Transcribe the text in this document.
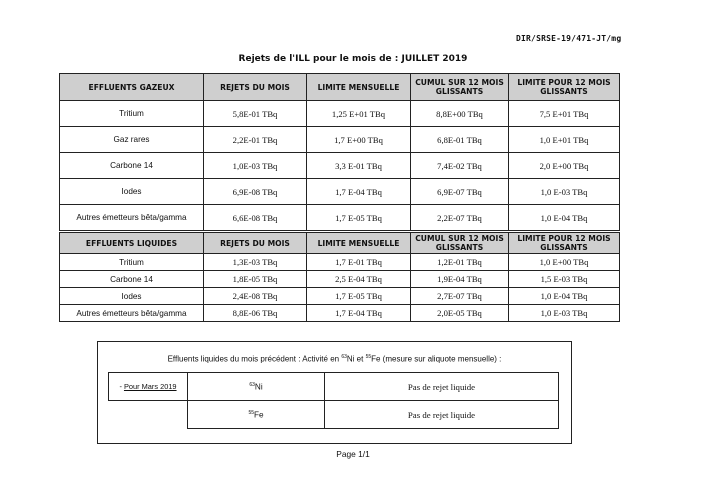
DIR/SRSE-19/471-JT/mg
Rejets de l'ILL pour le mois de : JUILLET 2019
EFFLUENTS GAZEUX	REJETS DU MOIS	LIMITE MENSUELLE	CUMUL SUR 12 MOIS GLISSANTS	LIMITE POUR 12 MOIS GLISSANTS
Tritium	5,8E-01 TBq	1,25 E+01 TBq	8,8E+00 TBq	7,5 E+01 TBq
Gaz rares	2,2E-01 TBq	1,7 E+00 TBq	6,8E-01 TBq	1,0 E+01 TBq
Carbone 14	1,0E-03 TBq	3,3 E-01 TBq	7,4E-02 TBq	2,0 E+00 TBq
Iodes	6,9E-08 TBq	1,7 E-04 TBq	6,9E-07 TBq	1,0 E-03 TBq
Autres émetteurs bêta/gamma	6,6E-08 TBq	1,7 E-05 TBq	2,2E-07 TBq	1,0 E-04 TBq
EFFLUENTS LIQUIDES	REJETS DU MOIS	LIMITE MENSUELLE	CUMUL SUR 12 MOIS GLISSANTS	LIMITE POUR 12 MOIS GLISSANTS
Tritium	1,3E-03 TBq	1,7 E-01 TBq	1,2E-01 TBq	1,0 E+00 TBq
Carbone 14	1,8E-05 TBq	2,5 E-04 TBq	1,9E-04 TBq	1,5 E-03 TBq
Iodes	2,4E-08 TBq	1,7 E-05 TBq	2,7E-07 TBq	1,0 E-04 TBq
Autres émetteurs bêta/gamma	8,8E-06 TBq	1,7 E-04 TBq	2,0E-05 TBq	1,0 E-03 TBq
Effluents liquides du mois précédent : Activité en $^{63}$Ni et $^{55}$Fe (mesure sur aliquote mensuelle) :
- Pour Mars 2019	$^{63}$Ni	Pas de rejet liquide
	$^{55}$Fe	Pas de rejet liquide
Page 1/1
